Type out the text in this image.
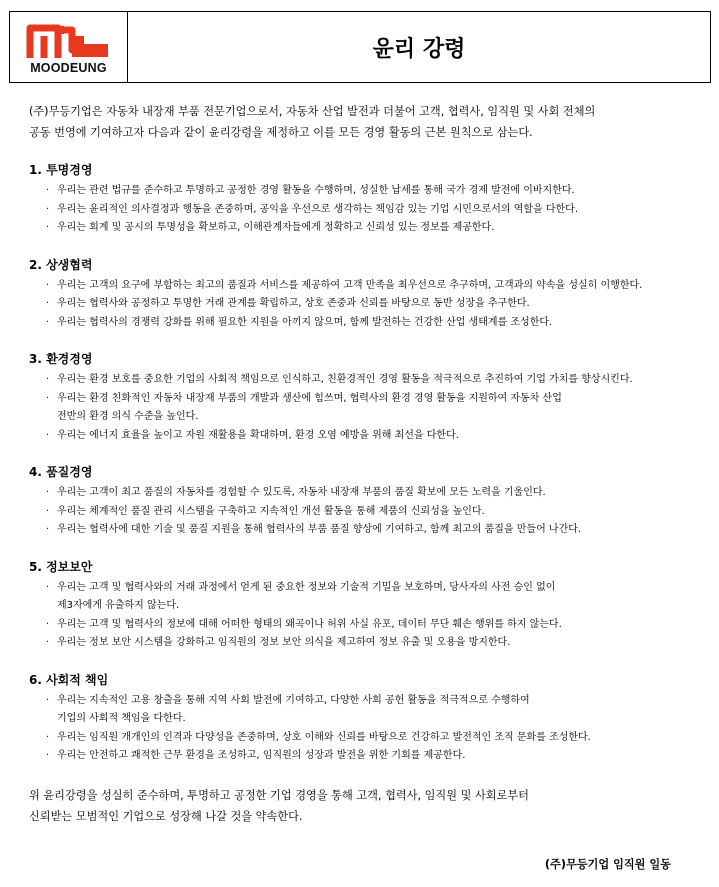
MOODEUNG
윤리 강령
(주)무등기업은 자동차 내장재 부품 전문기업으로서, 자동차 산업 발전과 더불어 고객, 협력사, 임직원 및 사회 전체의
공동 번영에 기여하고자 다음과 같이 윤리강령을 제정하고 이를 모든 경영 활동의 근본 원칙으로 삼는다.
1. 투명경영
· 우리는 관련 법규를 준수하고 투명하고 공정한 경영 활동을 수행하며, 성실한 납세를 통해 국가 경제 발전에 이바지한다.
· 우리는 윤리적인 의사결정과 행동을 존중하며, 공익을 우선으로 생각하는 책임감 있는 기업 시민으로서의 역할을 다한다.
· 우리는 회계 및 공시의 투명성을 확보하고, 이해관계자들에게 정확하고 신뢰성 있는 정보를 제공한다.
2. 상생협력
· 우리는 고객의 요구에 부합하는 최고의 품질과 서비스를 제공하여 고객 만족을 최우선으로 추구하며, 고객과의 약속을 성실히 이행한다.
· 우리는 협력사와 공정하고 투명한 거래 관계를 확립하고, 상호 존중과 신뢰를 바탕으로 동반 성장을 추구한다.
· 우리는 협력사의 경쟁력 강화를 위해 필요한 지원을 아끼지 않으며, 함께 발전하는 건강한 산업 생태계를 조성한다.
3. 환경경영
· 우리는 환경 보호를 중요한 기업의 사회적 책임으로 인식하고, 친환경적인 경영 활동을 적극적으로 추진하여 기업 가치를 향상시킨다.
· 우리는 환경 친화적인 자동차 내장재 부품의 개발과 생산에 힘쓰며, 협력사의 환경 경영 활동을 지원하여 자동차 산업
전반의 환경 의식 수준을 높인다.
· 우리는 에너지 효율을 높이고 자원 재활용을 확대하며, 환경 오염 예방을 위해 최선을 다한다.
4. 품질경영
· 우리는 고객이 최고 품질의 자동차를 경험할 수 있도록, 자동차 내장재 부품의 품질 확보에 모든 노력을 기울인다.
· 우리는 체계적인 품질 관리 시스템을 구축하고 지속적인 개선 활동을 통해 제품의 신뢰성을 높인다.
· 우리는 협력사에 대한 기술 및 품질 지원을 통해 협력사의 부품 품질 향상에 기여하고, 함께 최고의 품질을 만들어 나간다.
5. 정보보안
· 우리는 고객 및 협력사와의 거래 과정에서 얻게 된 중요한 정보와 기술적 기밀을 보호하며, 당사자의 사전 승인 없이
제3자에게 유출하지 않는다.
· 우리는 고객 및 협력사의 정보에 대해 어떠한 형태의 왜곡이나 허위 사실 유포, 데이터 무단 훼손 행위를 하지 않는다.
· 우리는 정보 보안 시스템을 강화하고 임직원의 정보 보안 의식을 제고하여 정보 유출 및 오용을 방지한다.
6. 사회적 책임
· 우리는 지속적인 고용 창출을 통해 지역 사회 발전에 기여하고, 다양한 사회 공헌 활동을 적극적으로 수행하여
기업의 사회적 책임을 다한다.
· 우리는 임직원 개개인의 인격과 다양성을 존중하며, 상호 이해와 신뢰를 바탕으로 건강하고 발전적인 조직 문화를 조성한다.
· 우리는 안전하고 쾌적한 근무 환경을 조성하고, 임직원의 성장과 발전을 위한 기회를 제공한다.
위 윤리강령을 성실히 준수하며, 투명하고 공정한 기업 경영을 통해 고객, 협력사, 임직원 및 사회로부터
신뢰받는 모범적인 기업으로 성장해 나갈 것을 약속한다.
(주)무등기업 임직원 일동
